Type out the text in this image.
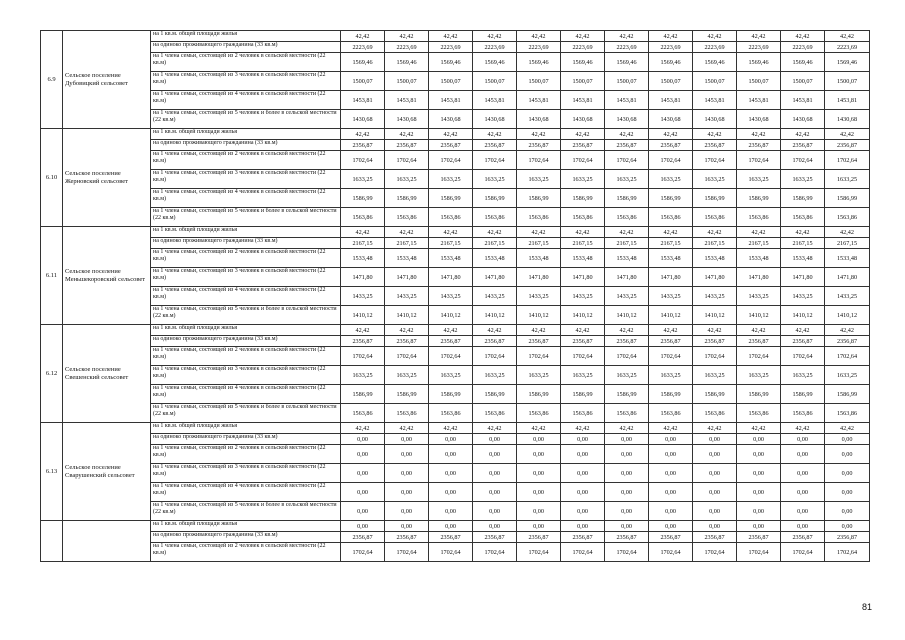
6.9	Сельское поселение Дубовицкий сельсовет	на 1 кв.м. общей площади жилья	42,42	42,42	42,42	42,42	42,42	42,42	42,42	42,42	42,42	42,42	42,42	42,42
		на одиноко проживающего гражданина (33 кв.м)	2223,69	2223,69	2223,69	2223,69	2223,69	2223,69	2223,69	2223,69	2223,69	2223,69	2223,69	2223,69
		на 1 члена семьи, состоящей из 2 человек в сельской местности (22 кв.м)	1569,46	1569,46	1569,46	1569,46	1569,46	1569,46	1569,46	1569,46	1569,46	1569,46	1569,46	1569,46
		на 1 члена семьи, состоящей из 3 человек в сельской местности (22 кв.м)	1500,07	1500,07	1500,07	1500,07	1500,07	1500,07	1500,07	1500,07	1500,07	1500,07	1500,07	1500,07
		на 1 члена семьи, состоящей из 4 человек в сельской местности (22 кв.м)	1453,81	1453,81	1453,81	1453,81	1453,81	1453,81	1453,81	1453,81	1453,81	1453,81	1453,81	1453,81
		на 1 члена семьи, состоящей из 5 человек и более в сельской местности (22 кв.м)	1430,68	1430,68	1430,68	1430,68	1430,68	1430,68	1430,68	1430,68	1430,68	1430,68	1430,68	1430,68
6.10	Сельское поселение Жерновский сельсовет	на 1 кв.м. общей площади жилья	42,42	42,42	42,42	42,42	42,42	42,42	42,42	42,42	42,42	42,42	42,42	42,42
		на одиноко проживающего гражданина (33 кв.м)	2356,87	2356,87	2356,87	2356,87	2356,87	2356,87	2356,87	2356,87	2356,87	2356,87	2356,87	2356,87
		на 1 члена семьи, состоящей из 2 человек в сельской местности (22 кв.м)	1702,64	1702,64	1702,64	1702,64	1702,64	1702,64	1702,64	1702,64	1702,64	1702,64	1702,64	1702,64
		на 1 члена семьи, состоящей из 3 человек в сельской местности (22 кв.м)	1633,25	1633,25	1633,25	1633,25	1633,25	1633,25	1633,25	1633,25	1633,25	1633,25	1633,25	1633,25
		на 1 члена семьи, состоящей из 4 человек в сельской местности (22 кв.м)	1586,99	1586,99	1586,99	1586,99	1586,99	1586,99	1586,99	1586,99	1586,99	1586,99	1586,99	1586,99
		на 1 члена семьи, состоящей из 5 человек и более в сельской местности (22 кв.м)	1563,86	1563,86	1563,86	1563,86	1563,86	1563,86	1563,86	1563,86	1563,86	1563,86	1563,86	1563,86
6.11	Сельское поселение Меньшекоровский сельсовет	на 1 кв.м. общей площади жилья	42,42	42,42	42,42	42,42	42,42	42,42	42,42	42,42	42,42	42,42	42,42	42,42
		на одиноко проживающего гражданина (33 кв.м)	2167,15	2167,15	2167,15	2167,15	2167,15	2167,15	2167,15	2167,15	2167,15	2167,15	2167,15	2167,15
		на 1 члена семьи, состоящей из 2 человек в сельской местности (22 кв.м)	1533,48	1533,48	1533,48	1533,48	1533,48	1533,48	1533,48	1533,48	1533,48	1533,48	1533,48	1533,48
		на 1 члена семьи, состоящей из 3 человек в сельской местности (22 кв.м)	1471,80	1471,80	1471,80	1471,80	1471,80	1471,80	1471,80	1471,80	1471,80	1471,80	1471,80	1471,80
		на 1 члена семьи, состоящей из 4 человек в сельской местности (22 кв.м)	1433,25	1433,25	1433,25	1433,25	1433,25	1433,25	1433,25	1433,25	1433,25	1433,25	1433,25	1433,25
		на 1 члена семьи, состоящей из 5 человек и более в сельской местности (22 кв.м)	1410,12	1410,12	1410,12	1410,12	1410,12	1410,12	1410,12	1410,12	1410,12	1410,12	1410,12	1410,12
6.12	Сельское поселение Свешенский сельсовет	на 1 кв.м. общей площади жилья	42,42	42,42	42,42	42,42	42,42	42,42	42,42	42,42	42,42	42,42	42,42	42,42
		на одиноко проживающего гражданина (33 кв.м)	2356,87	2356,87	2356,87	2356,87	2356,87	2356,87	2356,87	2356,87	2356,87	2356,87	2356,87	2356,87
		на 1 члена семьи, состоящей из 2 человек в сельской местности (22 кв.м)	1702,64	1702,64	1702,64	1702,64	1702,64	1702,64	1702,64	1702,64	1702,64	1702,64	1702,64	1702,64
		на 1 члена семьи, состоящей из 3 человек в сельской местности (22 кв.м)	1633,25	1633,25	1633,25	1633,25	1633,25	1633,25	1633,25	1633,25	1633,25	1633,25	1633,25	1633,25
		на 1 члена семьи, состоящей из 4 человек в сельской местности (22 кв.м)	1586,99	1586,99	1586,99	1586,99	1586,99	1586,99	1586,99	1586,99	1586,99	1586,99	1586,99	1586,99
		на 1 члена семьи, состоящей из 5 человек и более в сельской местности (22 кв.м)	1563,86	1563,86	1563,86	1563,86	1563,86	1563,86	1563,86	1563,86	1563,86	1563,86	1563,86	1563,86
6.13	Сельское поселение Сварушенский сельсовет	на 1 кв.м. общей площади жилья	42,42	42,42	42,42	42,42	42,42	42,42	42,42	42,42	42,42	42,42	42,42	42,42
		на одиноко проживающего гражданина (33 кв.м)	0,00	0,00	0,00	0,00	0,00	0,00	0,00	0,00	0,00	0,00	0,00	0,00
		на 1 члена семьи, состоящей из 2 человек в сельской местности (22 кв.м)	0,00	0,00	0,00	0,00	0,00	0,00	0,00	0,00	0,00	0,00	0,00	0,00
		на 1 члена семьи, состоящей из 3 человек в сельской местности (22 кв.м)	0,00	0,00	0,00	0,00	0,00	0,00	0,00	0,00	0,00	0,00	0,00	0,00
		на 1 члена семьи, состоящей из 4 человек в сельской местности (22 кв.м)	0,00	0,00	0,00	0,00	0,00	0,00	0,00	0,00	0,00	0,00	0,00	0,00
		на 1 члена семьи, состоящей из 5 человек и более в сельской местности (22 кв.м)	0,00	0,00	0,00	0,00	0,00	0,00	0,00	0,00	0,00	0,00	0,00	0,00
		на 1 кв.м. общей площади жилья	0,00	0,00	0,00	0,00	0,00	0,00	0,00	0,00	0,00	0,00	0,00	0,00
		на одиноко проживающего гражданина (33 кв.м)	2356,87	2356,87	2356,87	2356,87	2356,87	2356,87	2356,87	2356,87	2356,87	2356,87	2356,87	2356,87
		на 1 члена семьи, состоящей из 2 человек в сельской местности (22 кв.м)	1702,64	1702,64	1702,64	1702,64	1702,64	1702,64	1702,64	1702,64	1702,64	1702,64	1702,64	1702,64
81
